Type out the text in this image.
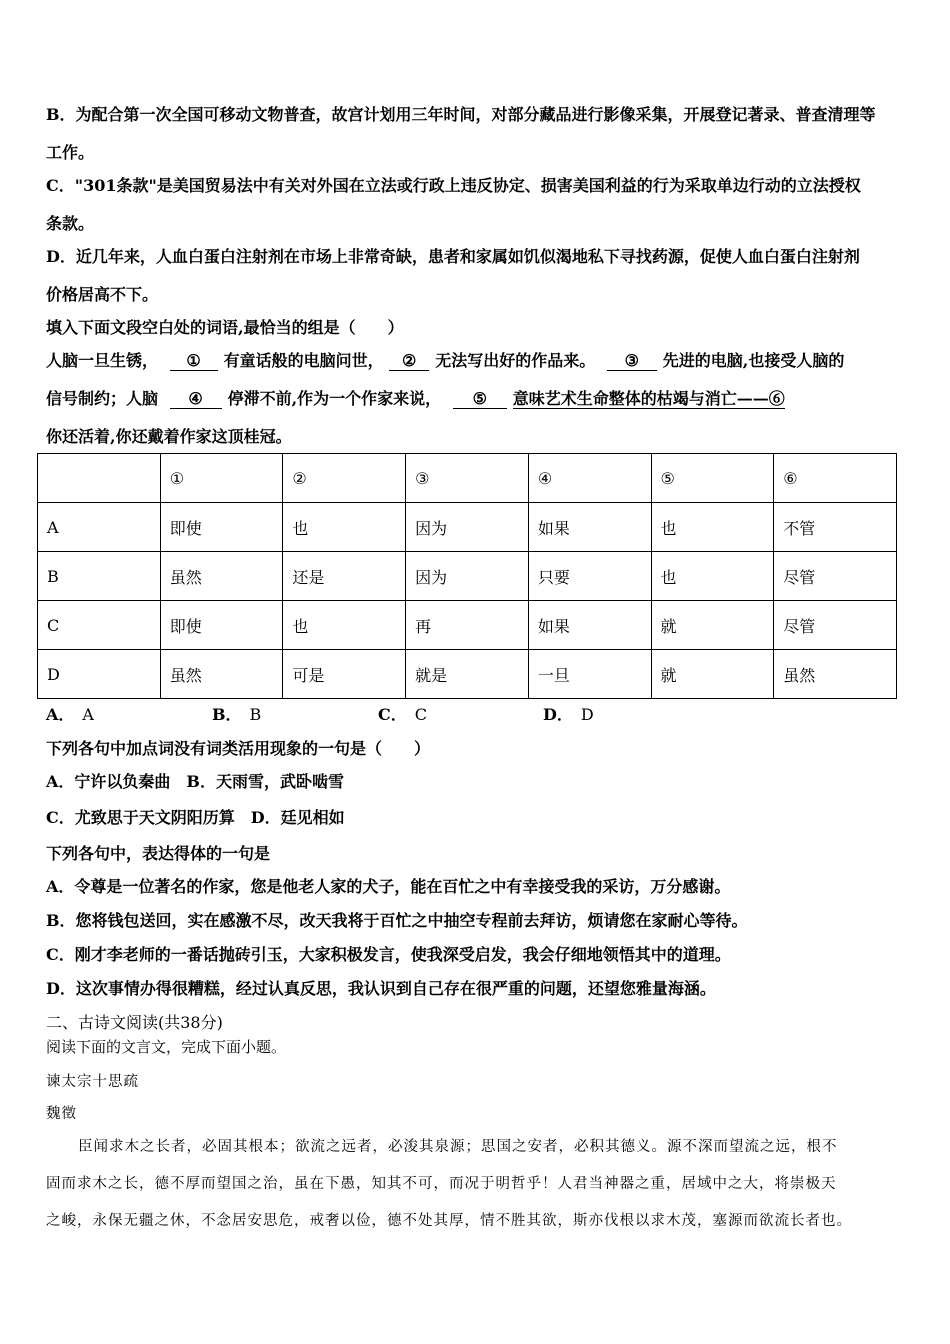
B．为配合第一次全国可移动文物普查，故宫计划用三年时间，对部分藏品进行影像采集，开展登记著录、普查清理等
工作。
C．"301条款"是美国贸易法中有关对外国在立法或行政上违反协定、损害美国利益的行为采取单边行动的立法授权
条款。
D．近几年来，人血白蛋白注射剂在市场上非常奇缺，患者和家属如饥似渴地私下寻找药源，促使人血白蛋白注射剂
价格居高不下。
填入下面文段空白处的词语,最恰当的组是（　　）
人脑一旦生锈， ① 有童话般的电脑问世， ② 无法写出好的作品来。 ③ 先进的电脑,也接受人脑的
信号制约；人脑 ④ 停滞不前,作为一个作家来说， ⑤ 意味艺术生命整体的枯竭与消亡——⑥
你还活着,你还戴着作家这顶桂冠。
	①	②	③	④	⑤	⑥
A	即使	也	因为	如果	也	不管
B	虽然	还是	因为	只要	也	尽管
C	即使	也	再	如果	就	尽管
D	虽然	可是	就是	一旦	就	虽然
A． A	B． B	C． C	D． D
下列各句中加点词没有词类活用现象的一句是（　　）
A．宁许以负秦曲　B．天雨雪，武卧啮雪
C．尤致思于天文阴阳历算　D．廷见相如
下列各句中，表达得体的一句是
A．令尊是一位著名的作家，您是他老人家的犬子，能在百忙之中有幸接受我的采访，万分感谢。
B．您将钱包送回，实在感激不尽，改天我将于百忙之中抽空专程前去拜访，烦请您在家耐心等待。
C．刚才李老师的一番话抛砖引玉，大家积极发言，使我深受启发，我会仔细地领悟其中的道理。
D．这次事情办得很糟糕，经过认真反思，我认识到自己存在很严重的问题，还望您雅量海涵。
二、古诗文阅读(共38分)
阅读下面的文言文，完成下面小题。
谏太宗十思疏
魏徵
臣闻求木之长者，必固其根本；欲流之远者，必浚其泉源；思国之安者，必积其德义。源不深而望流之远，根不
固而求木之长，德不厚而望国之治，虽在下愚，知其不可，而况于明哲乎！人君当神器之重，居域中之大，将崇极天
之峻，永保无疆之休，不念居安思危，戒奢以俭，德不处其厚，情不胜其欲，斯亦伐根以求木茂，塞源而欲流长者也。
